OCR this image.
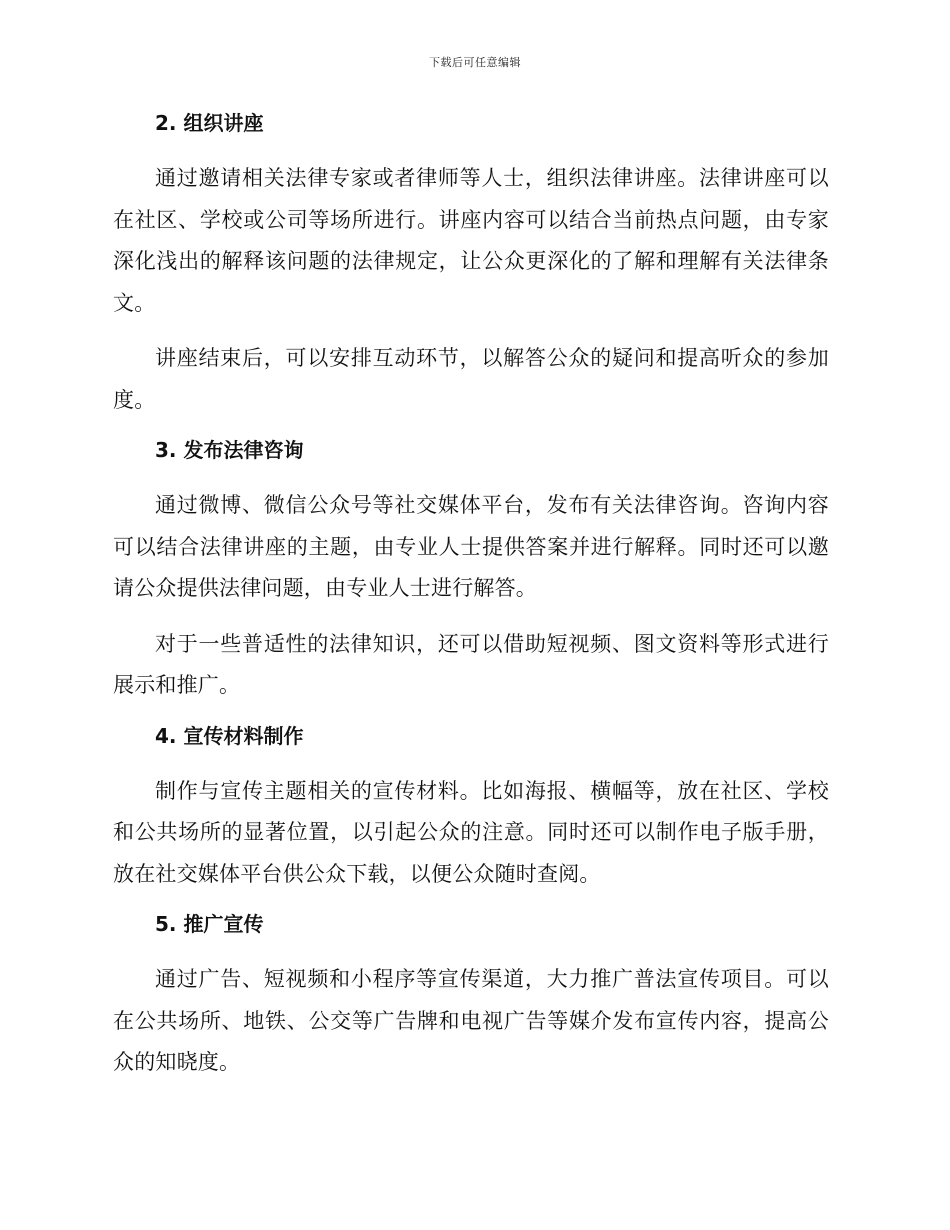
下载后可任意编辑
2. 组织讲座

通过邀请相关法律专家或者律师等人士，组织法律讲座。法律讲座可以在社区、学校或公司等场所进行。讲座内容可以结合当前热点问题，由专家深化浅出的解释该问题的法律规定，让公众更深化的了解和理解有关法律条文。

讲座结束后，可以安排互动环节，以解答公众的疑问和提高听众的参加度。

3. 发布法律咨询

通过微博、微信公众号等社交媒体平台，发布有关法律咨询。咨询内容可以结合法律讲座的主题，由专业人士提供答案并进行解释。同时还可以邀请公众提供法律问题，由专业人士进行解答。

对于一些普适性的法律知识，还可以借助短视频、图文资料等形式进行展示和推广。

4. 宣传材料制作

制作与宣传主题相关的宣传材料。比如海报、横幅等，放在社区、学校和公共场所的显著位置，以引起公众的注意。同时还可以制作电子版手册，放在社交媒体平台供公众下载，以便公众随时查阅。

5. 推广宣传

通过广告、短视频和小程序等宣传渠道，大力推广普法宣传项目。可以在公共场所、地铁、公交等广告牌和电视广告等媒介发布宣传内容，提高公众的知晓度。
